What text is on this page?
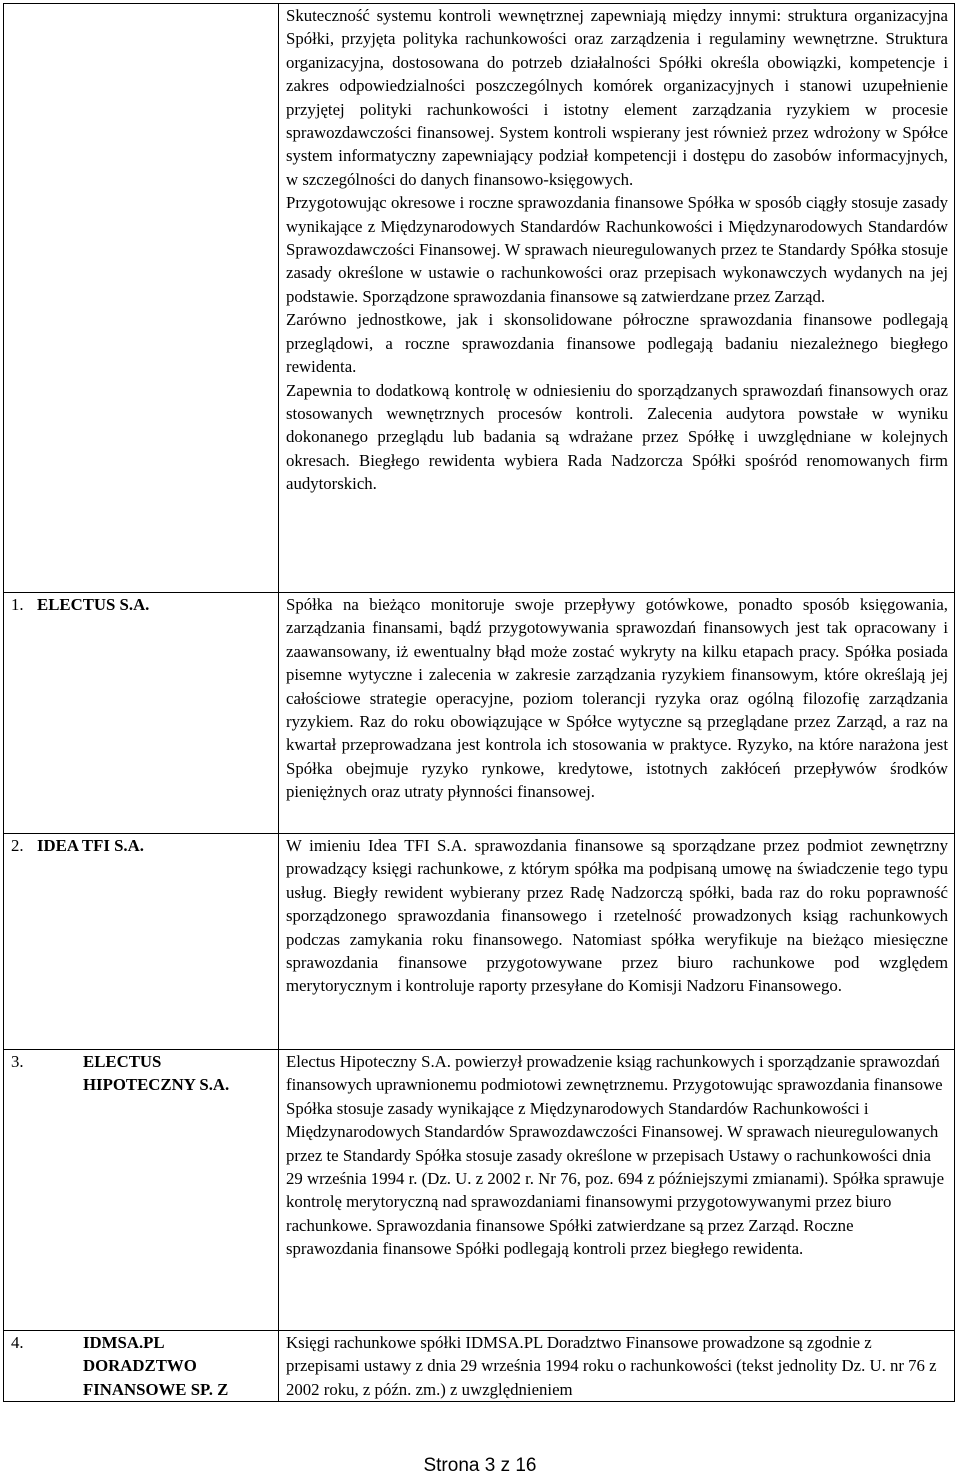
	Skuteczność systemu kontroli wewnętrznej zapewniają między innymi: struktura organizacyjna Spółki, przyjęta polityka rachunkowości oraz zarządzenia i regulaminy wewnętrzne. Struktura organizacyjna, dostosowana do potrzeb działalności Spółki określa obowiązki, kompetencje i zakres odpowiedzialności poszczególnych komórek organizacyjnych i stanowi uzupełnienie przyjętej polityki rachunkowości i istotny element zarządzania ryzykiem w procesie sprawozdawczości finansowej. System kontroli wspierany jest również przez wdrożony w Spółce system informatyczny zapewniający podział kompetencji i dostępu do zasobów informacyjnych, w szczególności do danych finansowo-księgowych.

Przygotowując okresowe i roczne sprawozdania finansowe Spółka w sposób ciągły stosuje zasady wynikające z Międzynarodowych Standardów Rachunkowości i Międzynarodowych Standardów Sprawozdawczości Finansowej. W sprawach nieuregulowanych przez te Standardy Spółka stosuje zasady określone w ustawie o rachunkowości oraz przepisach wykonawczych wydanych na jej podstawie. Sporządzone sprawozdania finansowe są zatwierdzane przez Zarząd.

Zarówno jednostkowe, jak i skonsolidowane półroczne sprawozdania finansowe podlegają przeglądowi, a roczne sprawozdania finansowe podlegają badaniu niezależnego biegłego rewidenta.

Zapewnia to dodatkową kontrolę w odniesieniu do sporządzanych sprawozdań finansowych oraz stosowanych wewnętrznych procesów kontroli. Zalecenia audytora powstałe w wyniku dokonanego przeglądu lub badania są wdrażane przez Spółkę i uwzględniane w kolejnych okresach. Biegłego rewidenta wybiera Rada Nadzorcza Spółki spośród renomowanych firm audytorskich.

1. ELECTUS S.A.	Spółka na bieżąco monitoruje swoje przepływy gotówkowe, ponadto sposób księgowania, zarządzania finansami, bądź przygotowywania sprawozdań finansowych jest tak opracowany i zaawansowany, iż ewentualny błąd może zostać wykryty na kilku etapach pracy. Spółka posiada pisemne wytyczne i zalecenia w zakresie zarządzania ryzykiem finansowym, które określają jej całościowe strategie operacyjne, poziom tolerancji ryzyka oraz ogólną filozofię zarządzania ryzykiem. Raz do roku obowiązujące w Spółce wytyczne są przeglądane przez Zarząd, a raz na kwartał przeprowadzana jest kontrola ich stosowania w praktyce. Ryzyko, na które narażona jest Spółka obejmuje ryzyko rynkowe, kredytowe, istotnych zakłóceń przepływów środków pieniężnych oraz utraty płynności finansowej.

2. IDEA TFI S.A.	W imieniu Idea TFI S.A. sprawozdania finansowe są sporządzane przez podmiot zewnętrzny prowadzący księgi rachunkowe, z którym spółka ma podpisaną umowę na świadczenie tego typu usług. Biegły rewident wybierany przez Radę Nadzorczą spółki, bada raz do roku poprawność sporządzonego sprawozdania finansowego i rzetelność prowadzonych ksiąg rachunkowych podczas zamykania roku finansowego. Natomiast spółka weryfikuje na bieżąco miesięczne sprawozdania finansowe przygotowywane przez biuro rachunkowe pod względem merytorycznym i kontroluje raporty przesyłane do Komisji Nadzoru Finansowego.

3. ELECTUS HIPOTECZNY S.A.	Electus Hipoteczny S.A. powierzył prowadzenie ksiąg rachunkowych i sporządzanie sprawozdań finansowych uprawnionemu podmiotowi zewnętrznemu. Przygotowując sprawozdania finansowe Spółka stosuje zasady wynikające z Międzynarodowych Standardów Rachunkowości i Międzynarodowych Standardów Sprawozdawczości Finansowej. W sprawach nieuregulowanych przez te Standardy Spółka stosuje zasady określone w przepisach Ustawy o rachunkowości dnia 29 września 1994 r. (Dz. U. z 2002 r. Nr 76, poz. 694 z późniejszymi zmianami). Spółka sprawuje kontrolę merytoryczną nad sprawozdaniami finansowymi przygotowywanymi przez biuro rachunkowe. Sprawozdania finansowe Spółki zatwierdzane są przez Zarząd. Roczne sprawozdania finansowe Spółki podlegają kontroli przez biegłego rewidenta.

4. IDMSA.PL DORADZTWO FINANSOWE SP. Z	Księgi rachunkowe spółki IDMSA.PL Doradztwo Finansowe prowadzone są zgodnie z przepisami ustawy z dnia 29 września 1994 roku o rachunkowości (tekst jednolity Dz. U. nr 76 z 2002 roku, z późn. zm.) z uwzględnieniem

Strona 3 z 16
